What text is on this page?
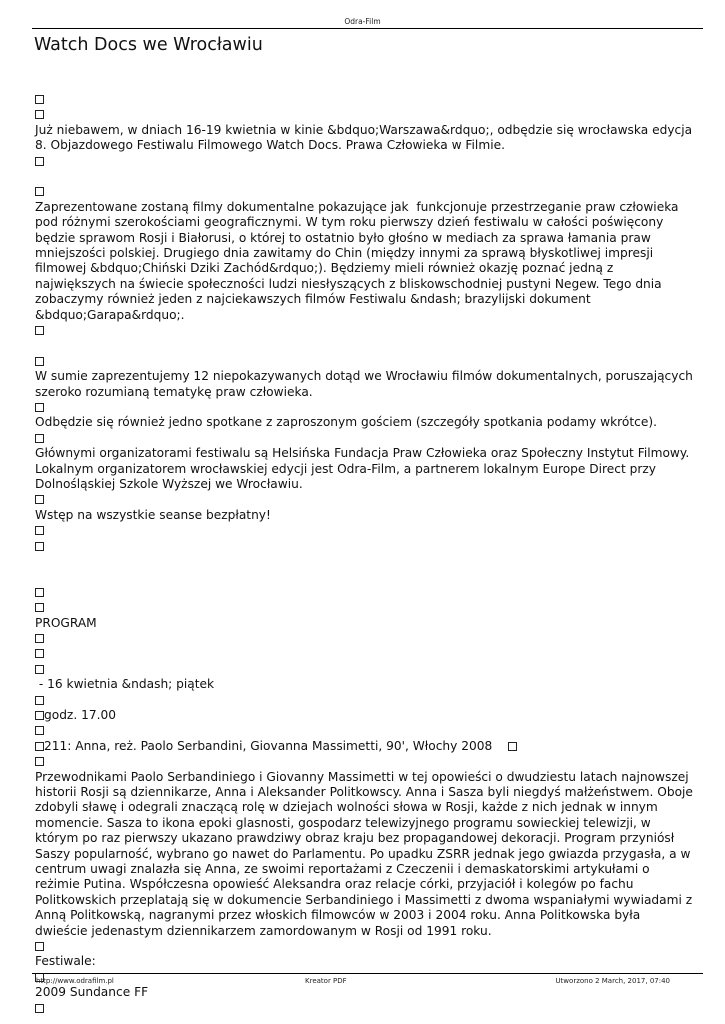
Odra-Film
Watch Docs we Wrocławiu

Już niebawem, w dniach 16-19 kwietnia w kinie &bdquo;Warszawa&rdquo;, odbędzie się wrocławska edycja 8. Objazdowego Festiwalu Filmowego Watch Docs. Prawa Człowieka w Filmie.

Zaprezentowane zostaną filmy dokumentalne pokazujące jak  funkcjonuje przestrzeganie praw człowieka pod różnymi szerokościami geograficznymi. W tym roku pierwszy dzień festiwalu w całości poświęcony będzie sprawom Rosji i Białorusi, o której to ostatnio było głośno w mediach za sprawa łamania praw mniejszości polskiej. Drugiego dnia zawitamy do Chin (między innymi za sprawą błyskotliwej impresji filmowej &bdquo;Chiński Dziki Zachód&rdquo;). Będziemy mieli również okazję poznać jedną z największych na świecie społeczności ludzi niesłyszących z bliskowschodniej pustyni Negew. Tego dnia zobaczymy również jeden z najciekawszych filmów Festiwalu &ndash; brazylijski dokument &bdquo;Garapa&rdquo;.

W sumie zaprezentujemy 12 niepokazywanych dotąd we Wrocławiu filmów dokumentalnych, poruszających szeroko rozumianą tematykę praw człowieka.

Odbędzie się również jedno spotkane z zaproszonym gościem (szczegóły spotkania podamy wkrótce).

Głównymi organizatorami festiwalu są Helsińska Fundacja Praw Człowieka oraz Społeczny Instytut Filmowy. Lokalnym organizatorem wrocławskiej edycji jest Odra-Film, a partnerem lokalnym Europe Direct przy Dolnośląskiej Szkole Wyższej we Wrocławiu.

Wstęp na wszystkie seanse bezpłatny!

PROGRAM

- 16 kwietnia &ndash; piątek

godz. 17.00

211: Anna, reż. Paolo Serbandini, Giovanna Massimetti, 90', Włochy 2008

Przewodnikami Paolo Serbandiniego i Giovanny Massimetti w tej opowieści o dwudziestu latach najnowszej historii Rosji są dziennikarze, Anna i Aleksander Politkowscy. Anna i Sasza byli niegdyś małżeństwem. Oboje zdobyli sławę i odegrali znaczącą rolę w dziejach wolności słowa w Rosji, każde z nich jednak w innym momencie. Sasza to ikona epoki glasnosti, gospodarz telewizyjnego programu sowieckiej telewizji, w którym po raz pierwszy ukazano prawdziwy obraz kraju bez propagandowej dekoracji. Program przyniósł Saszy popularność, wybrano go nawet do Parlamentu. Po upadku ZSRR jednak jego gwiazda przygasła, a w centrum uwagi znalazła się Anna, ze swoimi reportażami z Czeczenii i demaskatorskimi artykułami o reżimie Putina. Współczesna opowieść Aleksandra oraz relacje córki, przyjaciół i kolegów po fachu Politkowskich przeplatają się w dokumencie Serbandiniego i Massimetti z dwoma wspaniałymi wywiadami z Anną Politkowską, nagranymi przez włoskich filmowców w 2003 i 2004 roku. Anna Politkowska była dwieście jedenastym dziennikarzem zamordowanym w Rosji od 1991 roku.

Festiwale:

2009 Sundance FF

http://www.odrafilm.pl	Kreator PDF	Utworzono 2 March, 2017, 07:40
